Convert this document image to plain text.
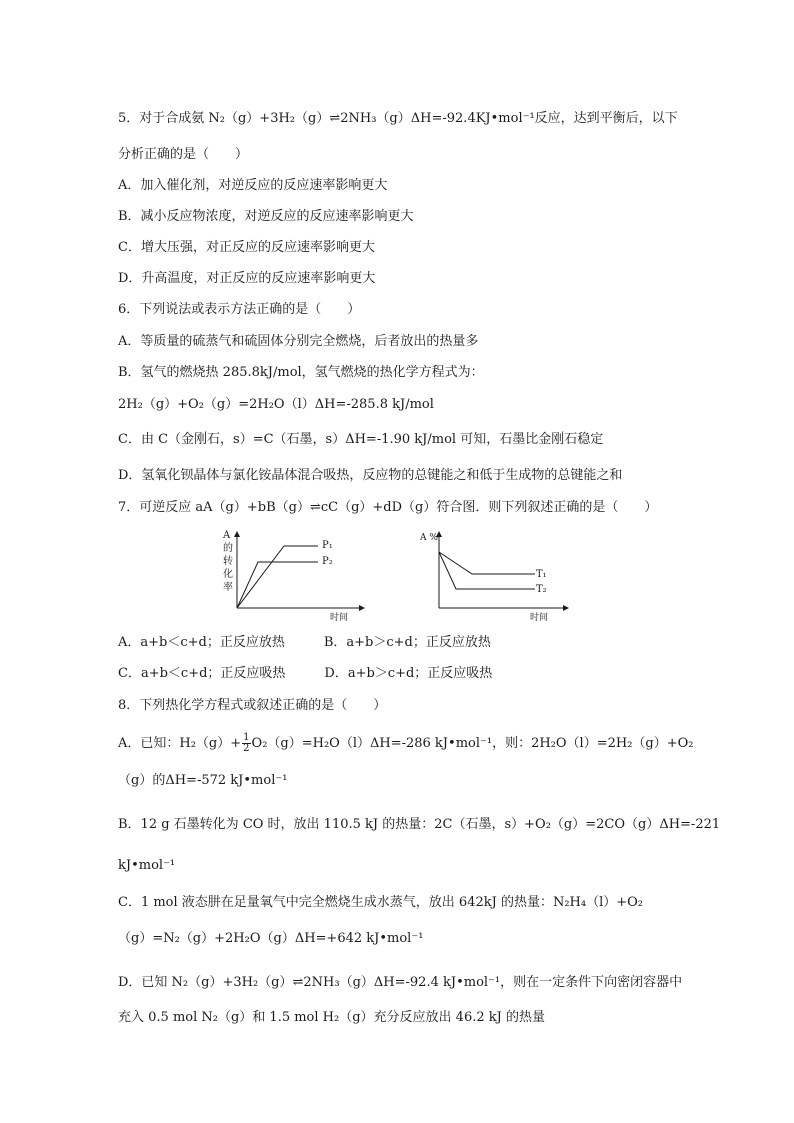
5．对于合成氨 N₂（g）+3H₂（g）⇌2NH₃（g）ΔH=-92.4KJ•mol⁻¹反应，达到平衡后，以下
分析正确的是（　　）
A．加入催化剂，对逆反应的反应速率影响更大
B．减小反应物浓度，对逆反应的反应速率影响更大
C．增大压强，对正反应的反应速率影响更大
D．升高温度，对正反应的反应速率影响更大
6．下列说法或表示方法正确的是（　　）
A．等质量的硫蒸气和硫固体分别完全燃烧，后者放出的热量多
B．氢气的燃烧热 285.8kJ/mol，氢气燃烧的热化学方程式为：
2H₂（g）+O₂（g）=2H₂O（l）ΔH=-285.8 kJ/mol
C．由 C（金刚石，s）=C（石墨，s）ΔH=-1.90 kJ/mol 可知，石墨比金刚石稳定
D．氢氧化钡晶体与氯化铵晶体混合吸热，反应物的总键能之和低于生成物的总键能之和
7．可逆反应 aA（g）+bB（g）⇌cC（g）+dD（g）符合图．则下列叙述正确的是（　　）
A
的
转
化
率
P₁
P₂
时间
A %
T₁
T₂
时间
A．a+b＜c+d；正反应放热　　　B．a+b＞c+d；正反应放热
C．a+b＜c+d；正反应吸热　　　D．a+b＞c+d；正反应吸热
8．下列热化学方程式或叙述正确的是（　　）
A．已知：$H_2(g)+ \frac{1}{2} O_2(g)=H_2O(l)\Delta H=-286$ kJ•mol⁻¹，则：2H₂O（l）=2H₂（g）+O₂
（g）的ΔH=-572 kJ•mol⁻¹
B．12 g 石墨转化为 CO 时，放出 110.5 kJ 的热量：2C（石墨，s）+O₂（g）=2CO（g）ΔH=-221
kJ•mol⁻¹
C．1 mol 液态肼在足量氧气中完全燃烧生成水蒸气，放出 642kJ 的热量：N₂H₄（l）+O₂
（g）=N₂（g）+2H₂O（g）ΔH=+642 kJ•mol⁻¹
D．已知 N₂（g）+3H₂（g）⇌2NH₃（g）ΔH=-92.4 kJ•mol⁻¹，则在一定条件下向密闭容器中
充入 0.5 mol N₂（g）和 1.5 mol H₂（g）充分反应放出 46.2 kJ 的热量
